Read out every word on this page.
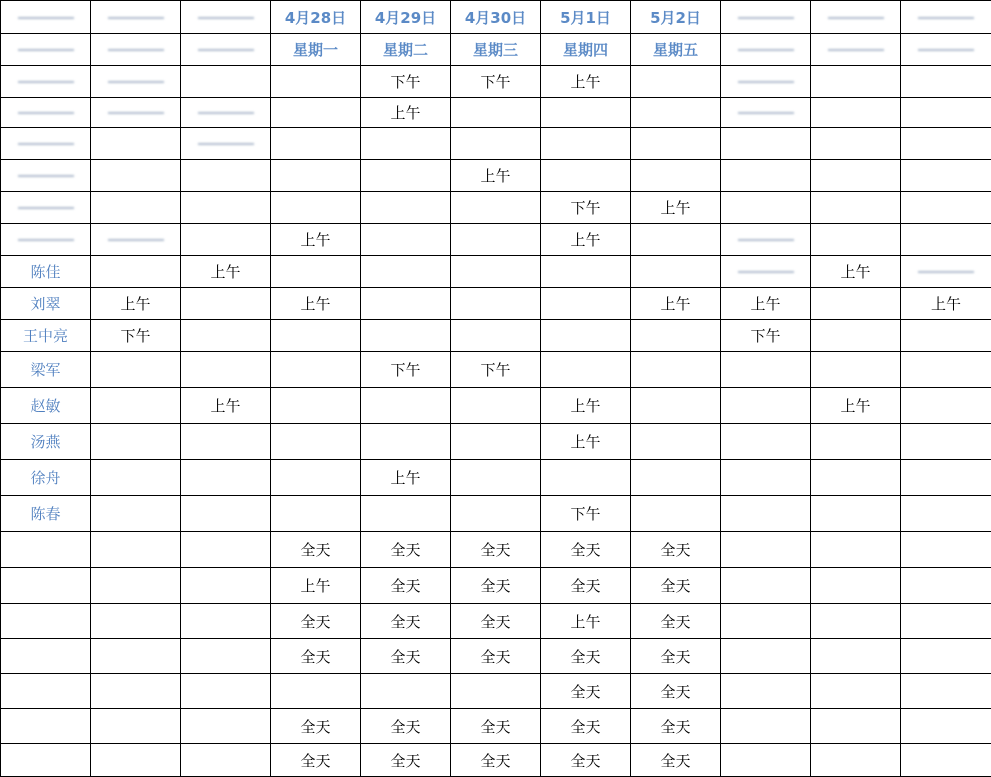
			4月28日	4月29日	4月30日	5月1日	5月2日			
			星期一	星期二	星期三	星期四	星期五			
				下午	下午	上午				
				上午						

					上午					
						下午	上午			
			上午			上午				
陈佳		上午							上午	
刘翠	上午		上午				上午	上午		上午
王中亮	下午							下午		
梁军				下午	下午					
赵敏		上午				上午			上午	
汤燕						上午				
徐舟				上午						
陈春						下午				
			全天	全天	全天	全天	全天			
			上午	全天	全天	全天	全天			
			全天	全天	全天	上午	全天			
			全天	全天	全天	全天	全天			
						全天	全天			
			全天	全天	全天	全天	全天			
			全天	全天	全天	全天	全天			
